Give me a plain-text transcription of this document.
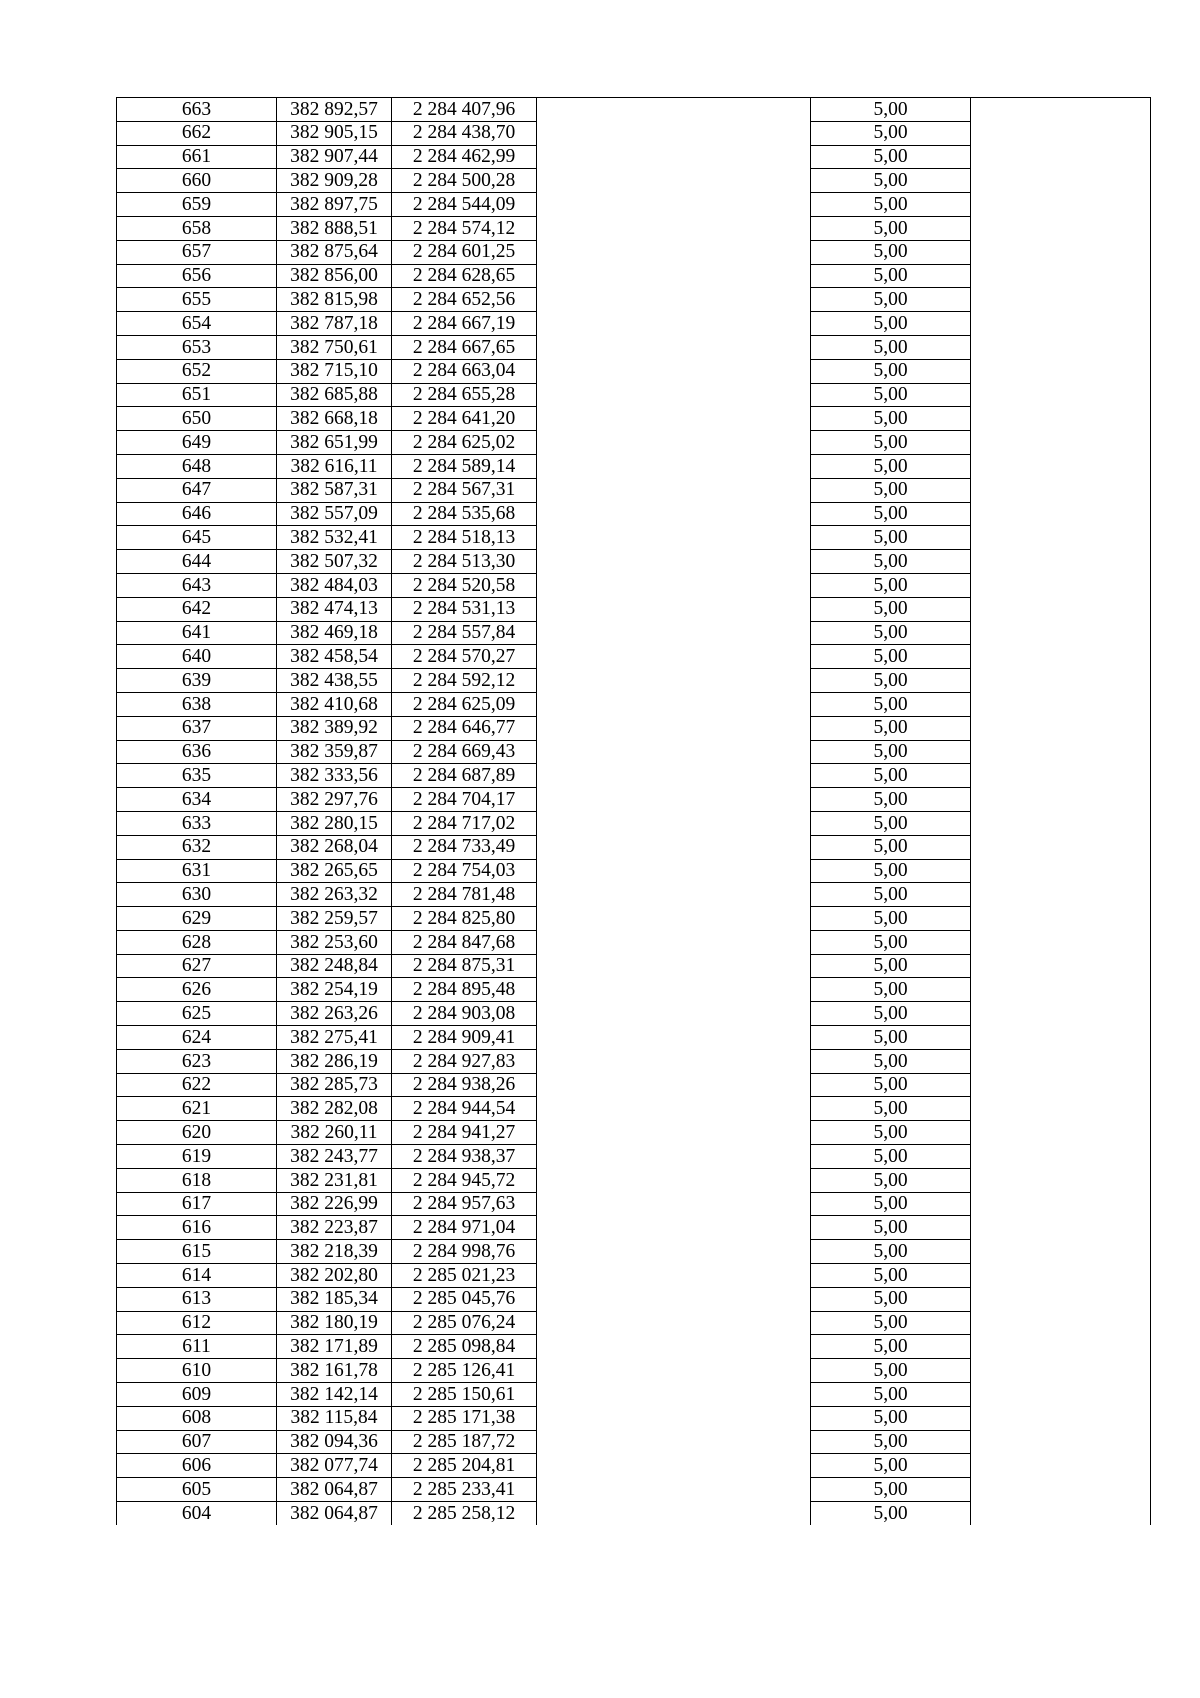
663	382 892,57	2 284 407,96		5,00	
662	382 905,15	2 284 438,70		5,00	
661	382 907,44	2 284 462,99		5,00	
660	382 909,28	2 284 500,28		5,00	
659	382 897,75	2 284 544,09		5,00	
658	382 888,51	2 284 574,12		5,00	
657	382 875,64	2 284 601,25		5,00	
656	382 856,00	2 284 628,65		5,00	
655	382 815,98	2 284 652,56		5,00	
654	382 787,18	2 284 667,19		5,00	
653	382 750,61	2 284 667,65		5,00	
652	382 715,10	2 284 663,04		5,00	
651	382 685,88	2 284 655,28		5,00	
650	382 668,18	2 284 641,20		5,00	
649	382 651,99	2 284 625,02		5,00	
648	382 616,11	2 284 589,14		5,00	
647	382 587,31	2 284 567,31		5,00	
646	382 557,09	2 284 535,68		5,00	
645	382 532,41	2 284 518,13		5,00	
644	382 507,32	2 284 513,30		5,00	
643	382 484,03	2 284 520,58		5,00	
642	382 474,13	2 284 531,13		5,00	
641	382 469,18	2 284 557,84		5,00	
640	382 458,54	2 284 570,27		5,00	
639	382 438,55	2 284 592,12		5,00	
638	382 410,68	2 284 625,09		5,00	
637	382 389,92	2 284 646,77		5,00	
636	382 359,87	2 284 669,43		5,00	
635	382 333,56	2 284 687,89		5,00	
634	382 297,76	2 284 704,17		5,00	
633	382 280,15	2 284 717,02		5,00	
632	382 268,04	2 284 733,49		5,00	
631	382 265,65	2 284 754,03		5,00	
630	382 263,32	2 284 781,48		5,00	
629	382 259,57	2 284 825,80		5,00	
628	382 253,60	2 284 847,68		5,00	
627	382 248,84	2 284 875,31		5,00	
626	382 254,19	2 284 895,48		5,00	
625	382 263,26	2 284 903,08		5,00	
624	382 275,41	2 284 909,41		5,00	
623	382 286,19	2 284 927,83		5,00	
622	382 285,73	2 284 938,26		5,00	
621	382 282,08	2 284 944,54		5,00	
620	382 260,11	2 284 941,27		5,00	
619	382 243,77	2 284 938,37		5,00	
618	382 231,81	2 284 945,72		5,00	
617	382 226,99	2 284 957,63		5,00	
616	382 223,87	2 284 971,04		5,00	
615	382 218,39	2 284 998,76		5,00	
614	382 202,80	2 285 021,23		5,00	
613	382 185,34	2 285 045,76		5,00	
612	382 180,19	2 285 076,24		5,00	
611	382 171,89	2 285 098,84		5,00	
610	382 161,78	2 285 126,41		5,00	
609	382 142,14	2 285 150,61		5,00	
608	382 115,84	2 285 171,38		5,00	
607	382 094,36	2 285 187,72		5,00	
606	382 077,74	2 285 204,81		5,00	
605	382 064,87	2 285 233,41		5,00	
604	382 064,87	2 285 258,12		5,00	
